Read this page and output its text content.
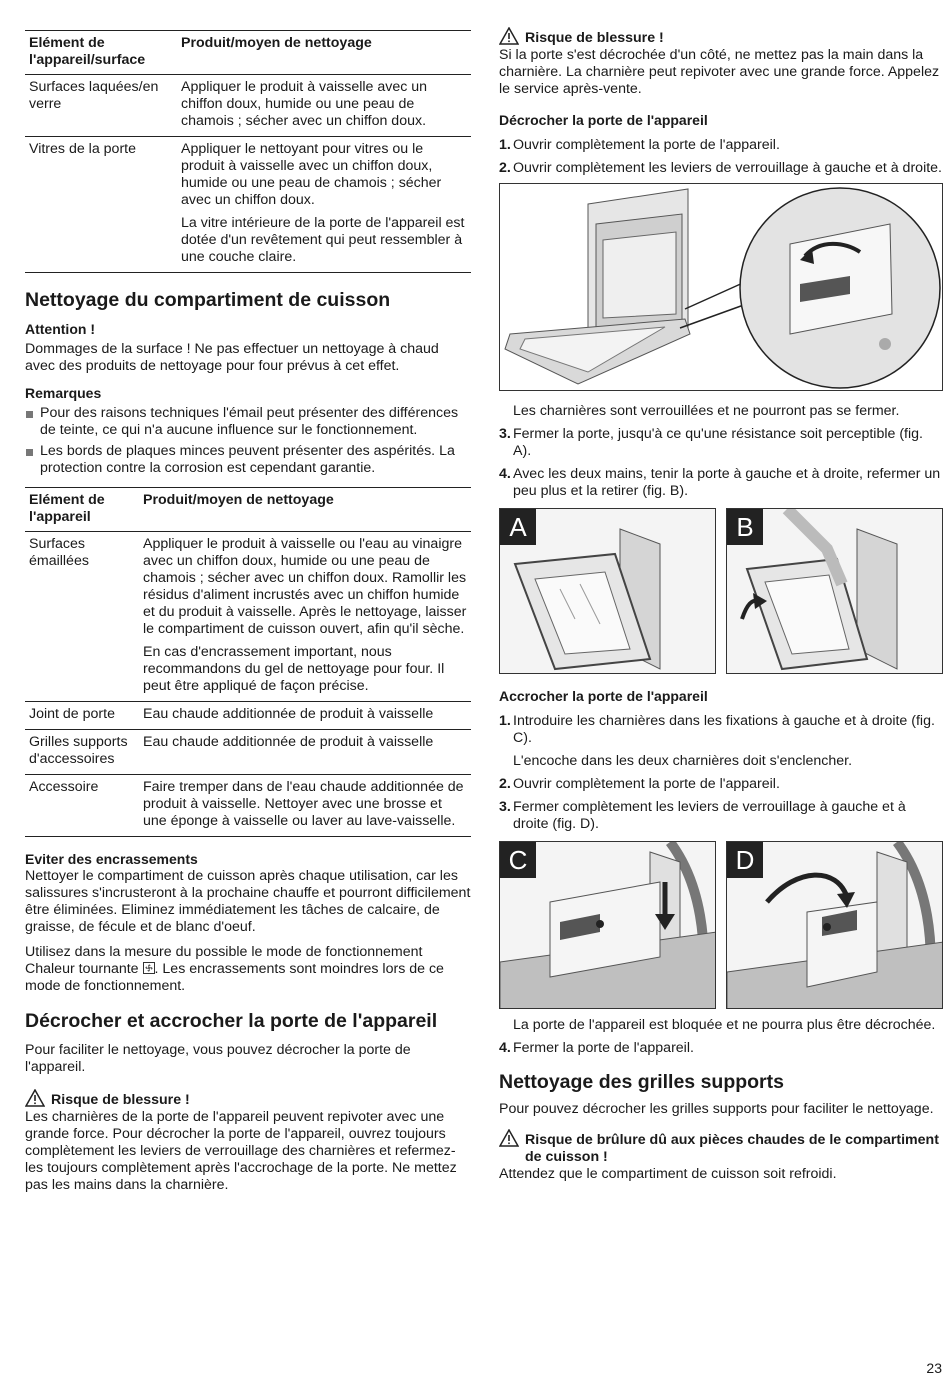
Elément de l'appareil/surface	Produit/moyen de nettoyage
Surfaces laquées/en verre	Appliquer le produit à vaisselle avec un chiffon doux, humide ou une peau de chamois ; sécher avec un chiffon doux.

Vitres de la porte	Appliquer le nettoyant pour vitres ou le produit à vaisselle avec un chiffon doux, humide ou une peau de chamois ; sécher avec un chiffon doux.

La vitre intérieure de la porte de l'appareil est dotée d'un revêtement qui peut ressembler à une couche claire.

Nettoyage du compartiment de cuisson
Attention !

Dommages de la surface ! Ne pas effectuer un nettoyage à chaud avec des produits de nettoyage pour four prévus à cet effet.

Remarques
Pour des raisons techniques l'émail peut présenter des différences de teinte, ce qui n'a aucune influence sur le fonctionnement.
Les bords de plaques minces peuvent présenter des aspérités. La protection contre la corrosion est cependant garantie.
Elément de l'appareil	Produit/moyen de nettoyage
Surfaces émaillées	Appliquer le produit à vaisselle ou l'eau au vinaigre avec un chiffon doux, humide ou une peau de chamois ; sécher avec un chiffon doux. Ramollir les résidus d'aliment incrustés avec un chiffon humide et du produit à vaisselle. Après le nettoyage, laisser le compartiment de cuisson ouvert, afin qu'il sèche.

En cas d'encrassement important, nous recommandons du gel de nettoyage pour four. Il peut être appliqué de façon précise.

Joint de porte	Eau chaude additionnée de produit à vaisselle
Grilles supports d'accessoires	Eau chaude additionnée de produit à vaisselle
Accessoire	Faire tremper dans de l'eau chaude additionnée de produit à vaisselle. Nettoyer avec une brosse et une éponge à vaisselle ou laver au lave-vaisselle.
Eviter des encrassements

Nettoyer le compartiment de cuisson après chaque utilisation, car les salissures s'incrusteront à la prochaine chauffe et pourront difficilement être éliminées. Eliminez immédiatement les tâches de calcaire, de graisse, de fécule et de blanc d'oeuf.

Utilisez dans la mesure du possible le mode de fonctionnement Chaleur tournante
. Les encrassements sont moindres lors de ce mode de fonctionnement.

Décrocher et accrocher la porte de l'appareil

Pour faciliter le nettoyage, vous pouvez décrocher la porte de l'appareil.

Risque de blessure !

Les charnières de la porte de l'appareil peuvent repivoter avec une grande force. Pour décrocher la porte de l'appareil, ouvrez toujours complètement les leviers de verrouillage des charnières et refermez-les toujours complètement après l'accrochage de la porte. Ne mettez pas les mains dans la charnière.

Risque de blessure !

Si la porte s'est décrochée d'un côté, ne mettez pas la main dans la charnière. La charnière peut repivoter avec une grande force. Appelez le service après-vente.

Décrocher la porte de l'appareil
1. Ouvrir complètement la porte de l'appareil.
2. Ouvrir complètement les leviers de verrouillage à gauche et à droite.

Les charnières sont verrouillées et ne pourront pas se fermer.

3. Fermer la porte, jusqu'à ce qu'une résistance soit perceptible (fig. A).
4. Avec les deux mains, tenir la porte à gauche et à droite, refermer un peu plus et la retirer (fig. B).
A	B
Accrocher la porte de l'appareil
1. Introduire les charnières dans les fixations à gauche et à droite (fig. C).

L'encoche dans les deux charnières doit s'enclencher.

2. Ouvrir complètement la porte de l'appareil.
3. Fermer complètement les leviers de verrouillage à gauche et à droite (fig. D).
C	D

La porte de l'appareil est bloquée et ne pourra plus être décrochée.

4. Fermer la porte de l'appareil.
Nettoyage des grilles supports

Pour pouvez décrocher les grilles supports pour faciliter le nettoyage.

Risque de brûlure dû aux pièces chaudes de le compartiment de cuisson !

Attendez que le compartiment de cuisson soit refroidi.

23
